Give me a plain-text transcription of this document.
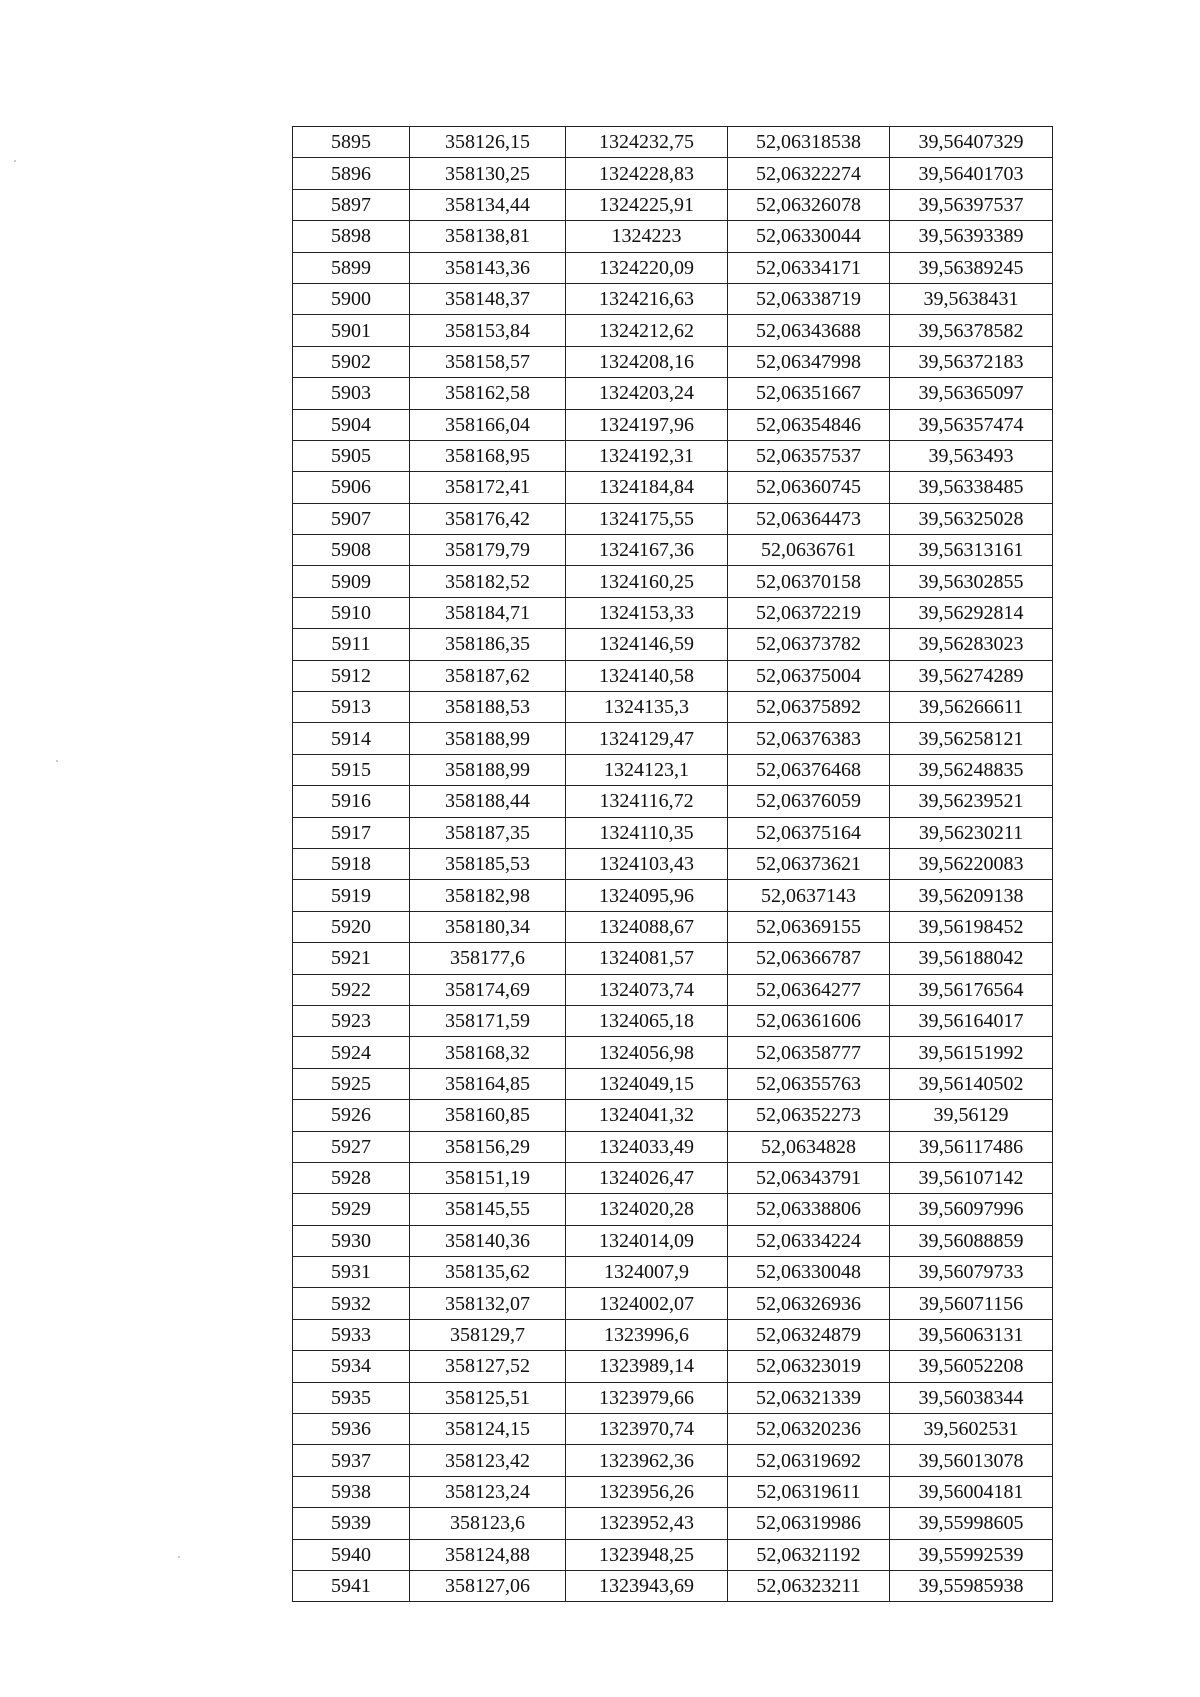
5895	358126,15	1324232,75	52,06318538	39,56407329
5896	358130,25	1324228,83	52,06322274	39,56401703
5897	358134,44	1324225,91	52,06326078	39,56397537
5898	358138,81	1324223	52,06330044	39,56393389
5899	358143,36	1324220,09	52,06334171	39,56389245
5900	358148,37	1324216,63	52,06338719	39,5638431
5901	358153,84	1324212,62	52,06343688	39,56378582
5902	358158,57	1324208,16	52,06347998	39,56372183
5903	358162,58	1324203,24	52,06351667	39,56365097
5904	358166,04	1324197,96	52,06354846	39,56357474
5905	358168,95	1324192,31	52,06357537	39,563493
5906	358172,41	1324184,84	52,06360745	39,56338485
5907	358176,42	1324175,55	52,06364473	39,56325028
5908	358179,79	1324167,36	52,0636761	39,56313161
5909	358182,52	1324160,25	52,06370158	39,56302855
5910	358184,71	1324153,33	52,06372219	39,56292814
5911	358186,35	1324146,59	52,06373782	39,56283023
5912	358187,62	1324140,58	52,06375004	39,56274289
5913	358188,53	1324135,3	52,06375892	39,56266611
5914	358188,99	1324129,47	52,06376383	39,56258121
5915	358188,99	1324123,1	52,06376468	39,56248835
5916	358188,44	1324116,72	52,06376059	39,56239521
5917	358187,35	1324110,35	52,06375164	39,56230211
5918	358185,53	1324103,43	52,06373621	39,56220083
5919	358182,98	1324095,96	52,0637143	39,56209138
5920	358180,34	1324088,67	52,06369155	39,56198452
5921	358177,6	1324081,57	52,06366787	39,56188042
5922	358174,69	1324073,74	52,06364277	39,56176564
5923	358171,59	1324065,18	52,06361606	39,56164017
5924	358168,32	1324056,98	52,06358777	39,56151992
5925	358164,85	1324049,15	52,06355763	39,56140502
5926	358160,85	1324041,32	52,06352273	39,56129
5927	358156,29	1324033,49	52,0634828	39,56117486
5928	358151,19	1324026,47	52,06343791	39,56107142
5929	358145,55	1324020,28	52,06338806	39,56097996
5930	358140,36	1324014,09	52,06334224	39,56088859
5931	358135,62	1324007,9	52,06330048	39,56079733
5932	358132,07	1324002,07	52,06326936	39,56071156
5933	358129,7	1323996,6	52,06324879	39,56063131
5934	358127,52	1323989,14	52,06323019	39,56052208
5935	358125,51	1323979,66	52,06321339	39,56038344
5936	358124,15	1323970,74	52,06320236	39,5602531
5937	358123,42	1323962,36	52,06319692	39,56013078
5938	358123,24	1323956,26	52,06319611	39,56004181
5939	358123,6	1323952,43	52,06319986	39,55998605
5940	358124,88	1323948,25	52,06321192	39,55992539
5941	358127,06	1323943,69	52,06323211	39,55985938
